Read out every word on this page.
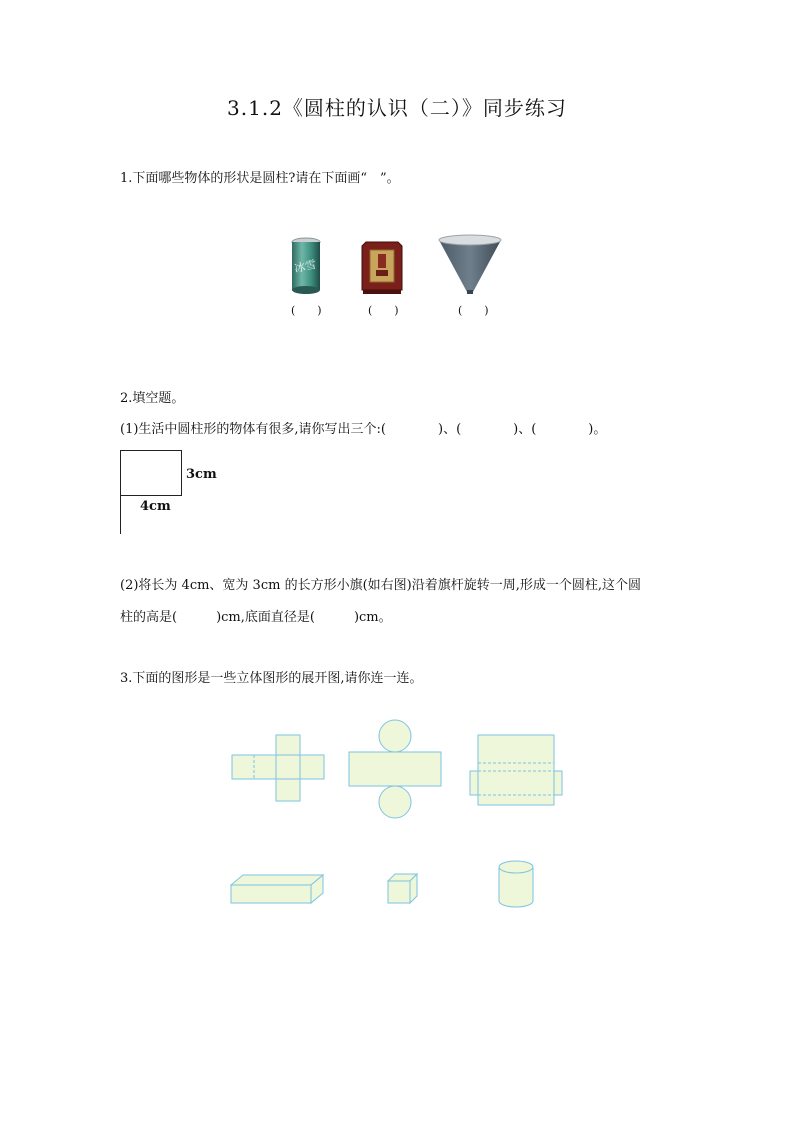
3.1.2《圆柱的认识（二）》同步练习
1.下面哪些物体的形状是圆柱?请在下面画“　”。
冰雪
(　　)	(　　)	(　　)
2.填空题。
(1)生活中圆柱形的物体有很多,请你写出三个:(　　　　)、(　　　　)、(　　　　)。
3cm
4cm
(2)将长为 4cm、宽为 3cm 的长方形小旗(如右图)沿着旗杆旋转一周,形成一个圆柱,这个圆
柱的高是(　　　)cm,底面直径是(　　　)cm。
3.下面的图形是一些立体图形的展开图,请你连一连。
